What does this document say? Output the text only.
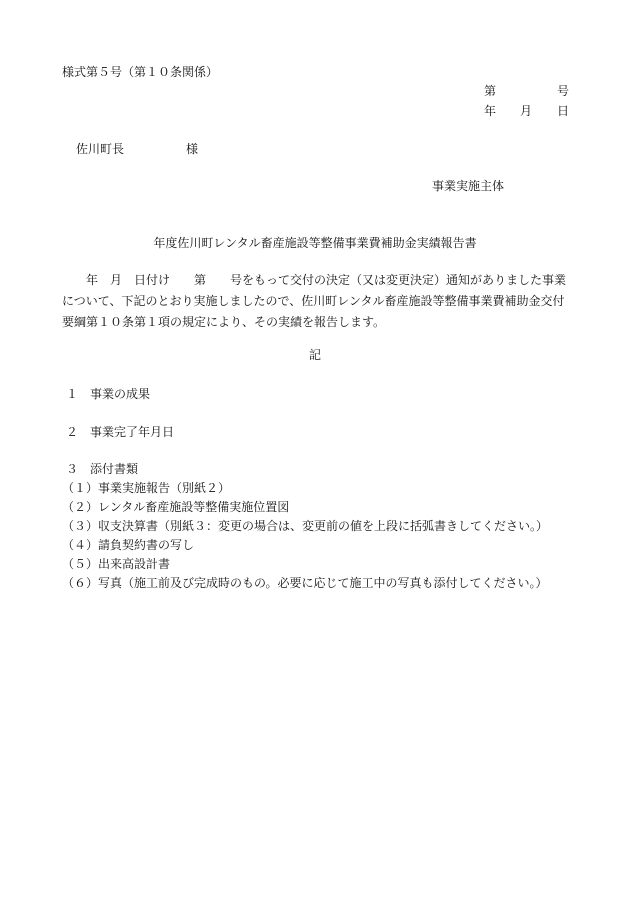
様式第５号（第１０条関係）
第	号
年 月 日
佐川町長	様
事業実施主体
年度佐川町レンタル畜産施設等整備事業費補助金実績報告書
　　年　月　日付け　　第　　号をもって交付の決定（又は変更決定）通知がありました事業
について、下記のとおり実施しましたので、佐川町レンタル畜産施設等整備事業費補助金交付
要綱第１０条第１項の規定により、その実績を報告します。
記
１　事業の成果
２　事業完了年月日
３　添付書類
（１）事業実施報告（別紙２）
（２）レンタル畜産施設等整備実施位置図
（３）収支決算書（別紙３：変更の場合は、変更前の値を上段に括弧書きしてください。）
（４）請負契約書の写し
（５）出来高設計書
（６）写真（施工前及び完成時のもの。必要に応じて施工中の写真も添付してください。）
